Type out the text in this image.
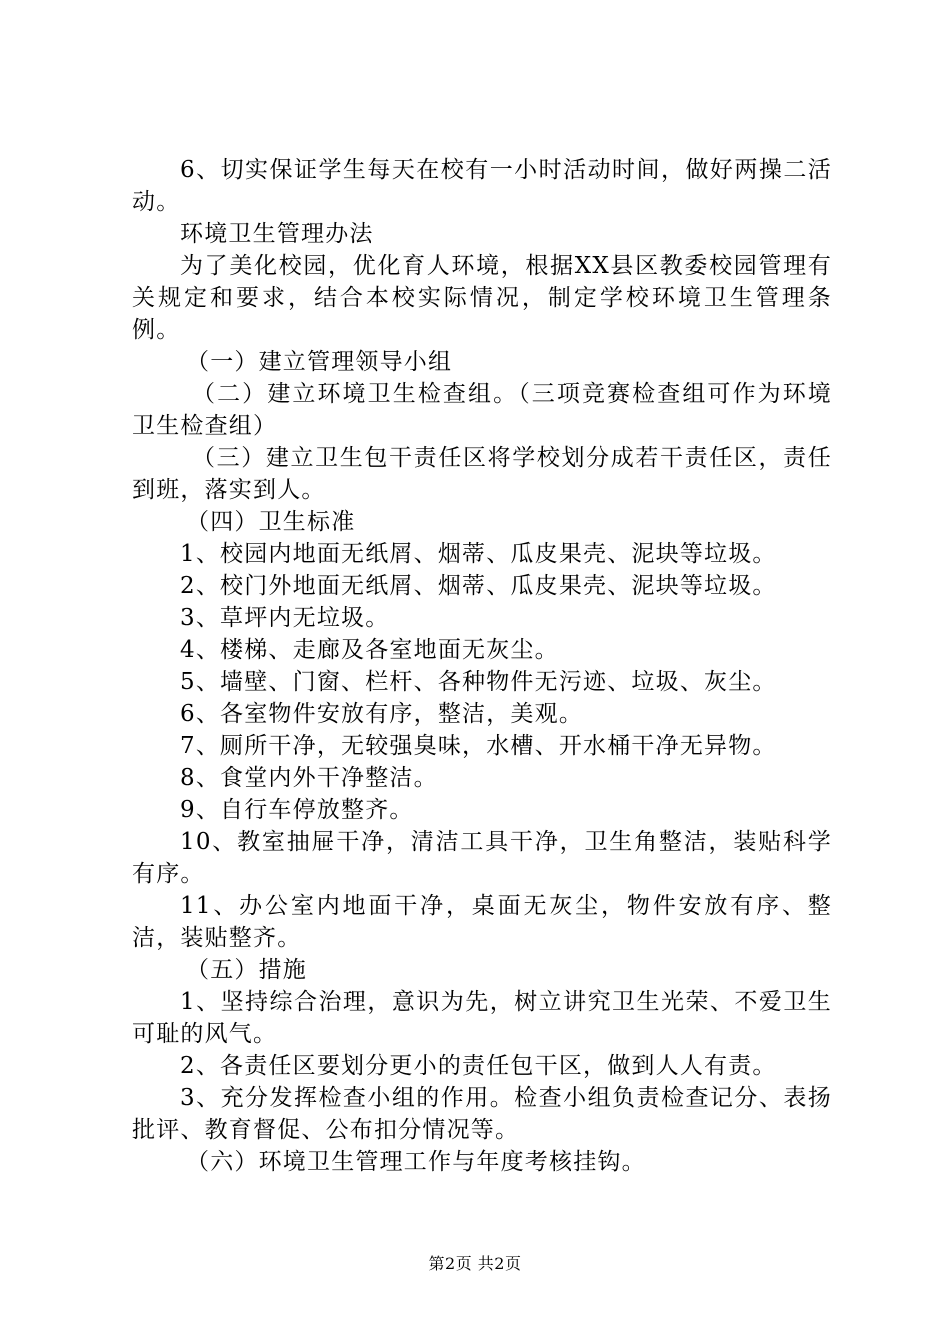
6、切实保证学生每天在校有一小时活动时间，做好两操二活动。

环境卫生管理办法

为了美化校园，优化育人环境，根据XX县区教委校园管理有关规定和要求，结合本校实际情况，制定学校环境卫生管理条例。

（一）建立管理领导小组

（二）建立环境卫生检查组。（三项竞赛检查组可作为环境卫生检查组）

（三）建立卫生包干责任区将学校划分成若干责任区，责任到班，落实到人。

（四）卫生标准

1、校园内地面无纸屑、烟蒂、瓜皮果壳、泥块等垃圾。

2、校门外地面无纸屑、烟蒂、瓜皮果壳、泥块等垃圾。

3、草坪内无垃圾。

4、楼梯、走廊及各室地面无灰尘。

5、墙壁、门窗、栏杆、各种物件无污迹、垃圾、灰尘。

6、各室物件安放有序，整洁，美观。

7、厕所干净，无较强臭味，水槽、开水桶干净无异物。

8、食堂内外干净整洁。

9、自行车停放整齐。

10、教室抽屉干净，清洁工具干净，卫生角整洁，装贴科学有序。

11、办公室内地面干净，桌面无灰尘，物件安放有序、整洁，装贴整齐。

（五）措施

1、坚持综合治理，意识为先，树立讲究卫生光荣、不爱卫生可耻的风气。

2、各责任区要划分更小的责任包干区，做到人人有责。

3、充分发挥检查小组的作用。检查小组负责检查记分、表扬批评、教育督促、公布扣分情况等。

（六）环境卫生管理工作与年度考核挂钩。

第2页 共2页
